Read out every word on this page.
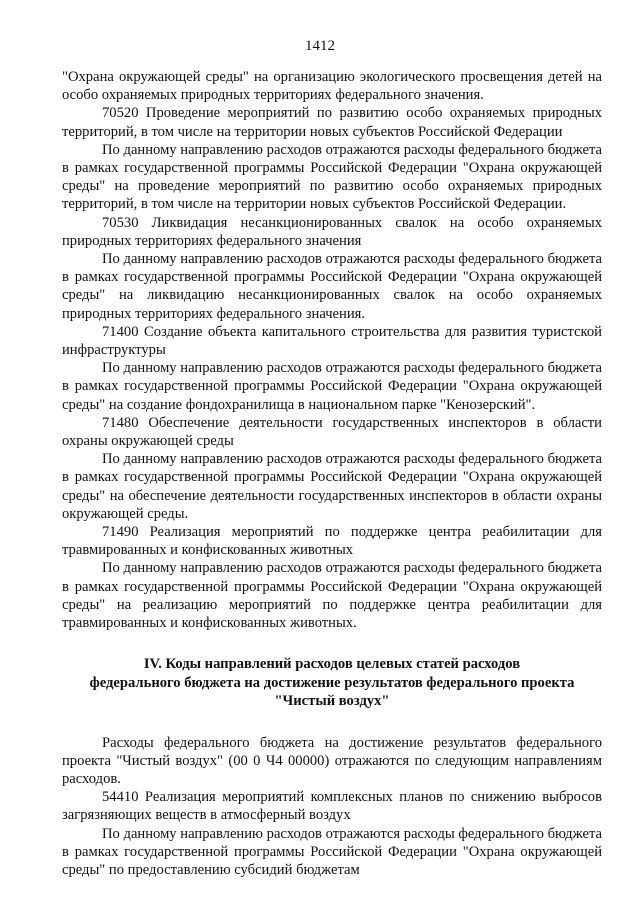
1412

"Охрана окружающей среды" на организацию экологического просвещения детей на особо охраняемых природных территориях федерального значения.

70520 Проведение мероприятий по развитию особо охраняемых природных территорий, в том числе на территории новых субъектов Российской Федерации

По данному направлению расходов отражаются расходы федерального бюджета в рамках государственной программы Российской Федерации "Охрана окружающей среды" на проведение мероприятий по развитию особо охраняемых природных территорий, в том числе на территории новых субъектов Российской Федерации.

70530 Ликвидация несанкционированных свалок на особо охраняемых природных территориях федерального значения

По данному направлению расходов отражаются расходы федерального бюджета в рамках государственной программы Российской Федерации "Охрана окружающей среды" на ликвидацию несанкционированных свалок на особо охраняемых природных территориях федерального значения.

71400 Создание объекта капитального строительства для развития туристской инфраструктуры

По данному направлению расходов отражаются расходы федерального бюджета в рамках государственной программы Российской Федерации "Охрана окружающей среды" на создание фондохранилища в национальном парке "Кенозерский".

71480 Обеспечение деятельности государственных инспекторов в области охраны окружающей среды

По данному направлению расходов отражаются расходы федерального бюджета в рамках государственной программы Российской Федерации "Охрана окружающей среды" на обеспечение деятельности государственных инспекторов в области охраны окружающей среды.

71490 Реализация мероприятий по поддержке центра реабилитации для травмированных и конфискованных животных

По данному направлению расходов отражаются расходы федерального бюджета в рамках государственной программы Российской Федерации "Охрана окружающей среды" на реализацию мероприятий по поддержке центра реабилитации для травмированных и конфискованных животных.

IV. Коды направлений расходов целевых статей расходов
федерального бюджета на достижение результатов федерального проекта
"Чистый воздух"

Расходы федерального бюджета на достижение результатов федерального проекта "Чистый воздух" (00 0 Ч4 00000) отражаются по следующим направлениям расходов.

54410 Реализация мероприятий комплексных планов по снижению выбросов загрязняющих веществ в атмосферный воздух

По данному направлению расходов отражаются расходы федерального бюджета в рамках государственной программы Российской Федерации "Охрана окружающей среды" по предоставлению субсидий бюджетам
